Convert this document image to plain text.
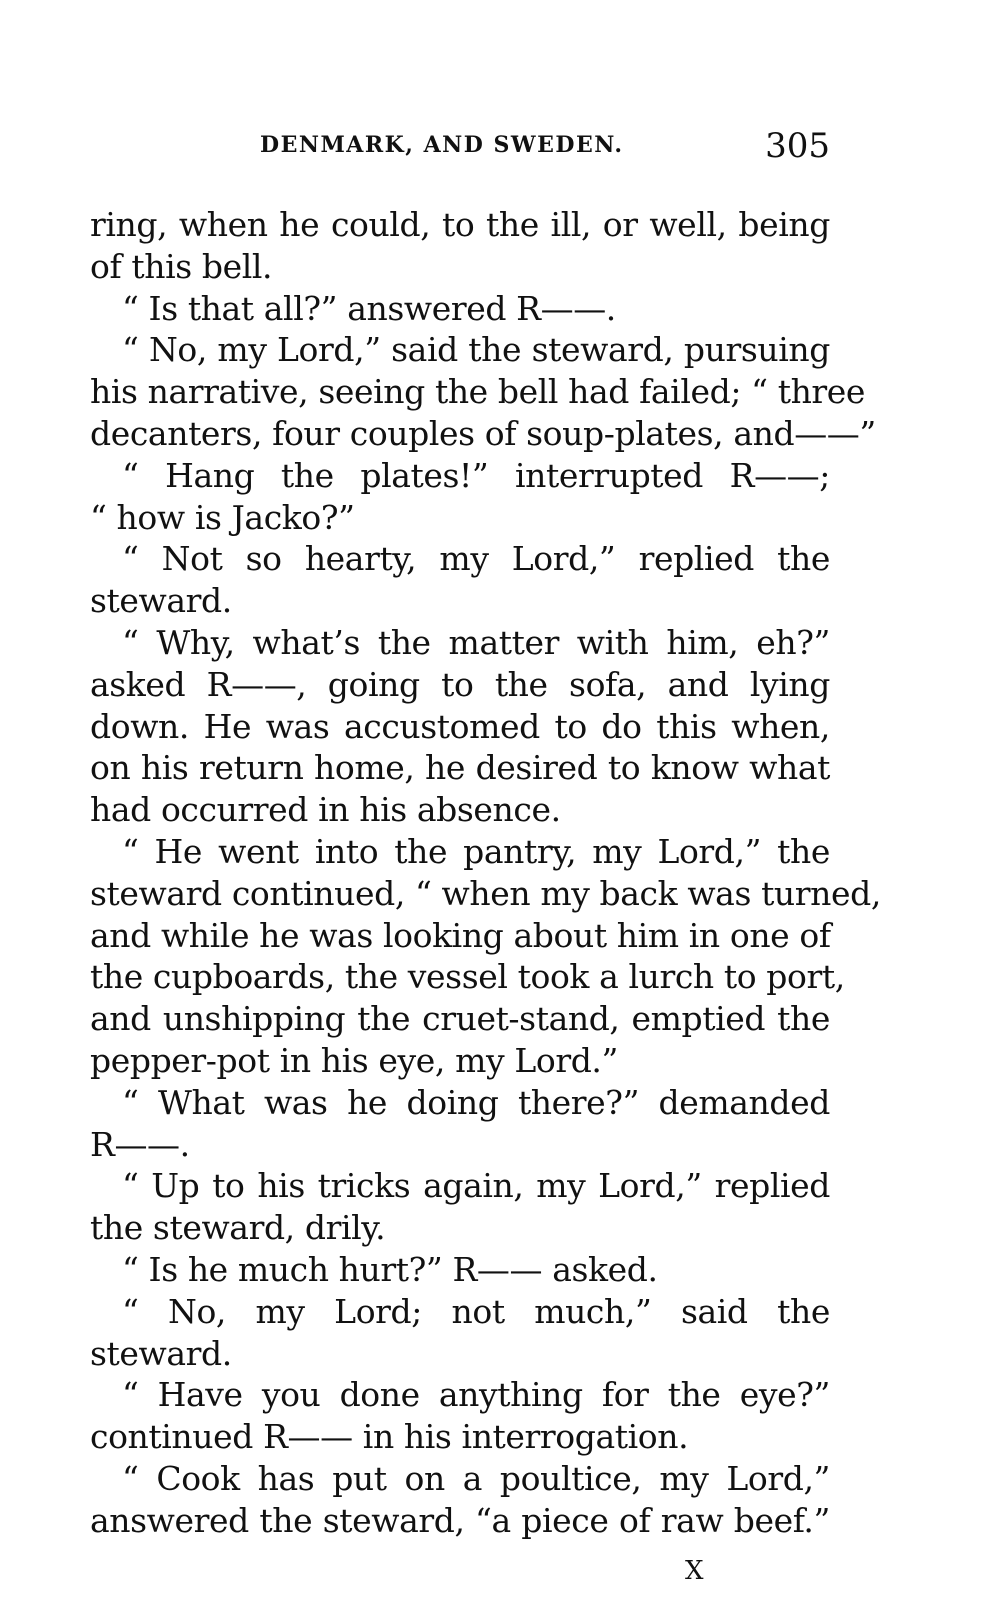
DENMARK, AND SWEDEN.	305
ring, when he could, to the ill, or well, being
of this bell.
“ Is that all?” answered R——.
“ No, my Lord,” said the steward, pursuing
his narrative, seeing the bell had failed; “ three
decanters, four couples of soup-plates, and——”
“ Hang the plates!” interrupted R——;
“ how is Jacko?”
“ Not so hearty, my Lord,” replied the
steward.
“ Why, what’s the matter with him, eh?”
asked R——, going to the sofa, and lying
down. He was accustomed to do this when,
on his return home, he desired to know what
had occurred in his absence.
“ He went into the pantry, my Lord,” the
steward continued, “ when my back was turned,
and while he was looking about him in one of
the cupboards, the vessel took a lurch to port,
and unshipping the cruet-stand, emptied the
pepper-pot in his eye, my Lord.”
“ What was he doing there?” demanded
R——.
“ Up to his tricks again, my Lord,” replied
the steward, drily.
“ Is he much hurt?” R—— asked.
“ No, my Lord; not much,” said the
steward.
“ Have you done anything for the eye?”
continued R—— in his interrogation.
“ Cook has put on a poultice, my Lord,”
answered the steward, “a piece of raw beef.”
X
